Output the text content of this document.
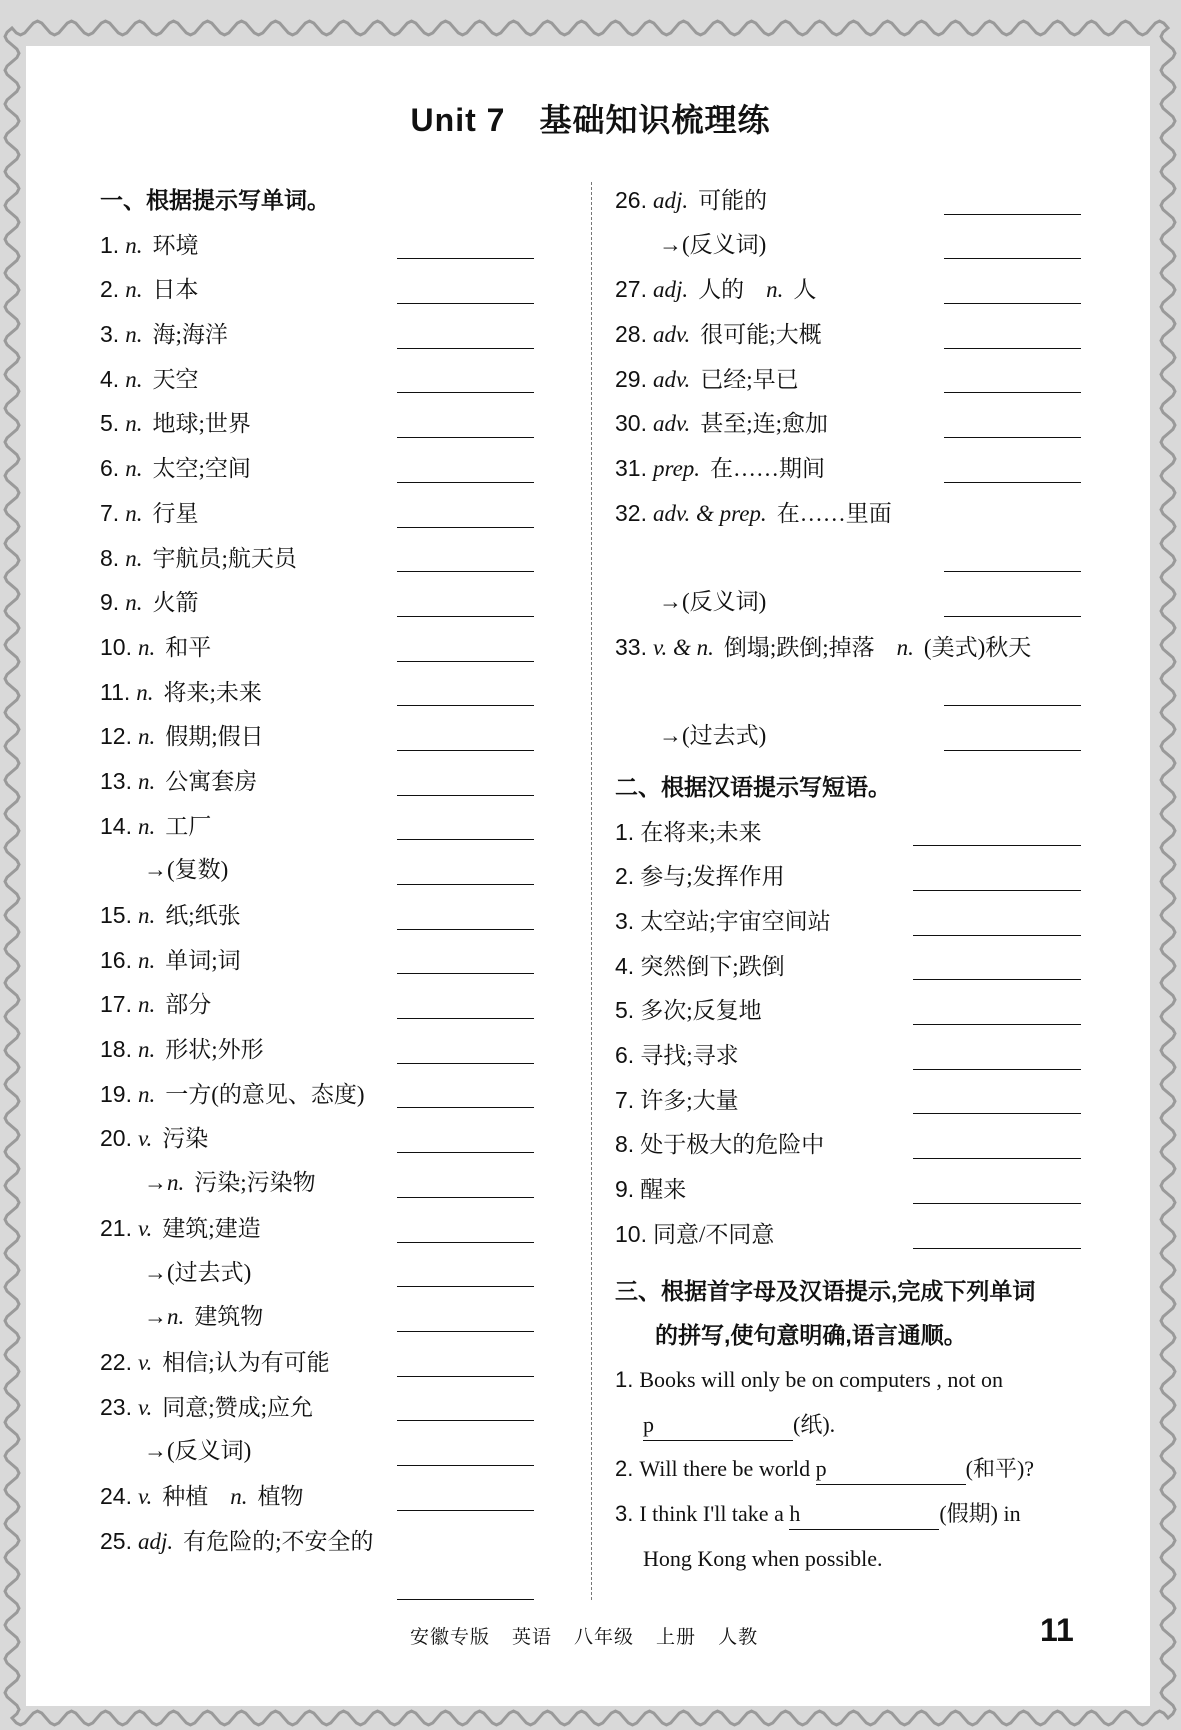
Unit 7 基础知识梳理练
一、根据提示写单词。
1. n. 环境
2. n. 日本
3. n. 海;海洋
4. n. 天空
5. n. 地球;世界
6. n. 太空;空间
7. n. 行星
8. n. 宇航员;航天员
9. n. 火箭
10. n. 和平
11. n. 将来;未来
12. n. 假期;假日
13. n. 公寓套房
14. n. 工厂
→(复数)
15. n. 纸;纸张
16. n. 单词;词
17. n. 部分
18. n. 形状;外形
19. n. 一方(的意见、态度)
20. v. 污染
→n. 污染;污染物
21. v. 建筑;建造
→(过去式)
→n. 建筑物
22. v. 相信;认为有可能
23. v. 同意;赞成;应允
→(反义词)
24. v. 种植 n. 植物
25. adj. 有危险的;不安全的
26. adj. 可能的
→(反义词)
27. adj. 人的 n. 人
28. adv. 很可能;大概
29. adv. 已经;早已
30. adv. 甚至;连;愈加
31. prep. 在……期间
32. adv. & prep. 在……里面
→(反义词)
33. v. & n. 倒塌;跌倒;掉落 n. (美式)秋天
→(过去式)
二、根据汉语提示写短语。
1. 在将来;未来
2. 参与;发挥作用
3. 太空站;宇宙空间站
4. 突然倒下;跌倒
5. 多次;反复地
6. 寻找;寻求
7. 许多;大量
8. 处于极大的危险中
9. 醒来
10. 同意/不同意
三、根据首字母及汉语提示,完成下列单词
的拼写,使句意明确,语言通顺。
1. Books will only be on computers , not on
p	(纸).
2. Will there be world p	(和平)?
3. I think I'll take a h	(假期) in
Hong Kong when possible.
安徽专版 英语 八年级 上册 人教	11
